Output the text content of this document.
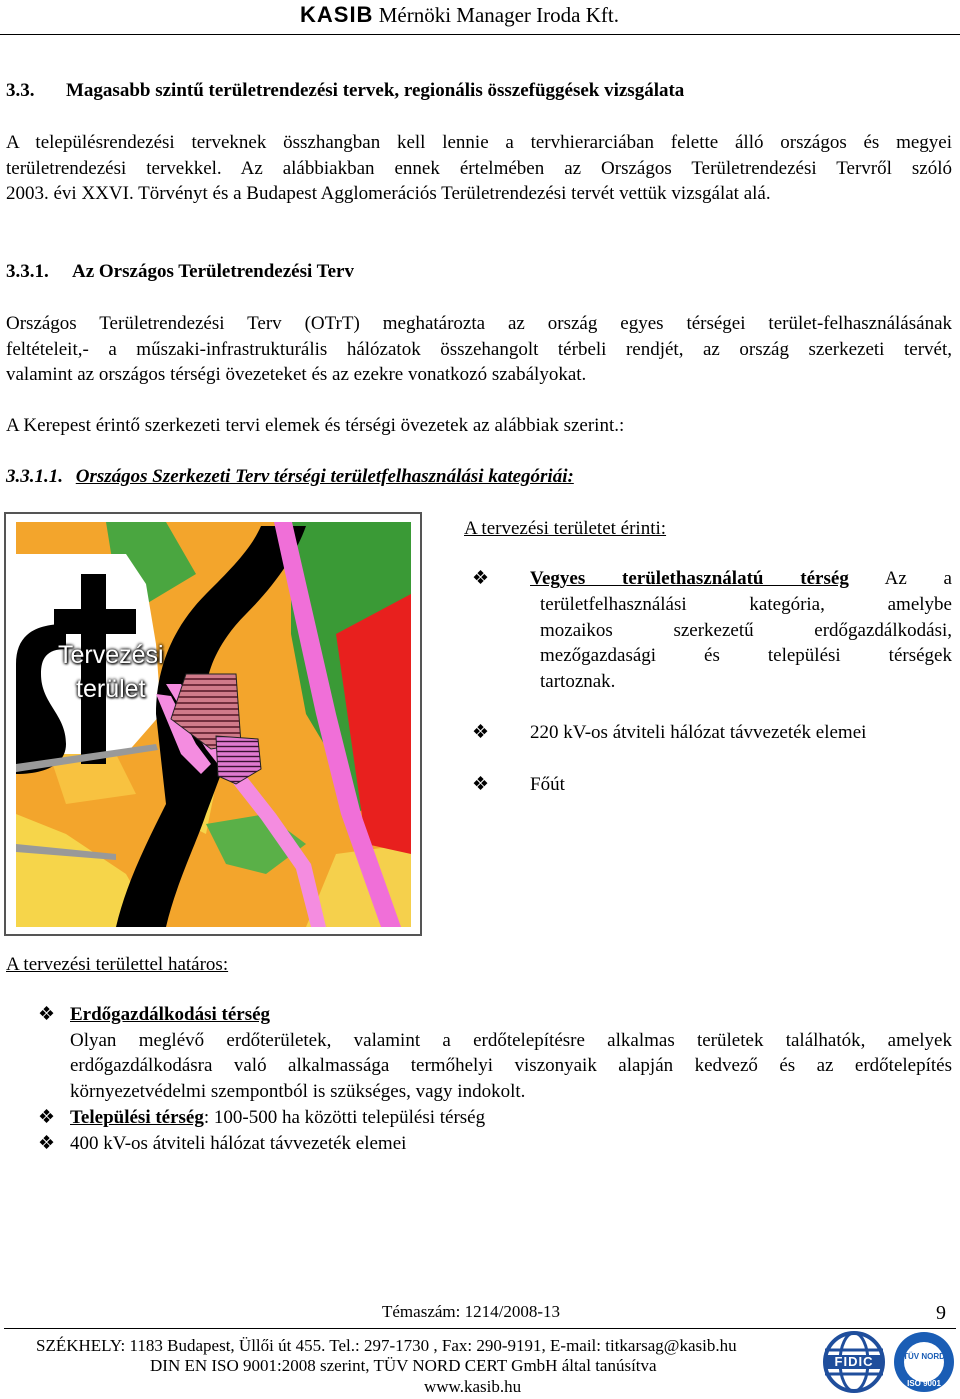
KASIB Mérnöki Manager Iroda Kft.
3.3. Magasabb szintű területrendezési tervek, regionális összefüggések vizsgálata
A településrendezési terveknek összhangban kell lennie a tervhierarciában felette álló országos és megyei
területrendezési tervekkel. Az alábbiakban ennek értelmében az Országos Területrendezési Tervről szóló
2003. évi XXVI. Törvényt és a Budapest Agglomerációs Területrendezési tervét vettük vizsgálat alá.
3.3.1. Az Országos Területrendezési Terv
Országos Területrendezési Terv (OTrT) meghatározta az ország egyes térségei terület-felhasználásának
feltételeit,- a műszaki-infrastrukturális hálózatok összehangolt térbeli rendjét, az ország szerkezeti tervét,
valamint az országos térségi övezeteket és az ezekre vonatkozó szabályokat.
A Kerepest érintő szerkezeti tervi elemek és térségi övezetek az alábbiak szerint.:
3.3.1.1. Országos Szerkezeti Terv térségi területfelhasználási kategóriái:
Tervezési
terület
A tervezési területet érinti:
❖ Vegyes területhasználatú térség Az a
területfelhasználási kategória, amelybe
mozaikos szerkezetű erdőgazdálkodási,
mezőgazdasági és települési térségek
tartoznak.
❖ 220 kV-os átviteli hálózat távvezeték elemei
❖ Főút
A tervezési területtel határos:
❖ Erdőgazdálkodási térség
Olyan meglévő erdőterületek, valamint a erdőtelepítésre alkalmas területek találhatók, amelyek
erdőgazdálkodásra való alkalmassága termőhelyi viszonyaik alapján kedvező és az erdőtelepítés
környezetvédelmi szempontból is szükséges, vagy indokolt.
❖ Települési térség: 100-500 ha közötti települési térség
❖ 400 kV-os átviteli hálózat távvezeték elemei
Témaszám: 1214/2008-13	9
SZÉKHELY: 1183 Budapest, Üllői út 455. Tel.: 297-1730 , Fax: 290-9191, E-mail: titkarsag@kasib.hu
DIN EN ISO 9001:2008 szerint, TÜV NORD CERT GmbH által tanúsítva
www.kasib.hu
FIDIC	TÜV NORD
ISO 9001
